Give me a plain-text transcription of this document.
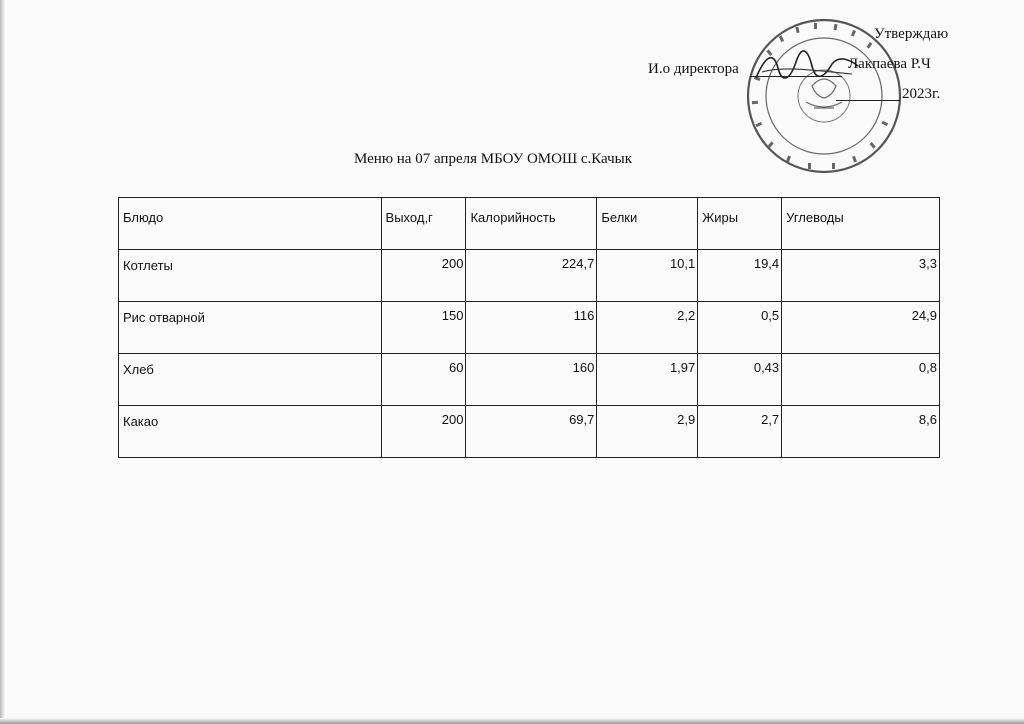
Утверждаю
И.о директора	Лакпаева Р.Ч
2023г.
Меню на 07 апреля МБОУ ОМОШ с.Качык
Блюдо	Выход,г	Калорийность	Белки	Жиры	Углеводы
Котлеты	200	224,7	10,1	19,4	3,3
Рис отварной	150	116	2,2	0,5	24,9
Хлеб	60	160	1,97	0,43	0,8
Какао	200	69,7	2,9	2,7	8,6
